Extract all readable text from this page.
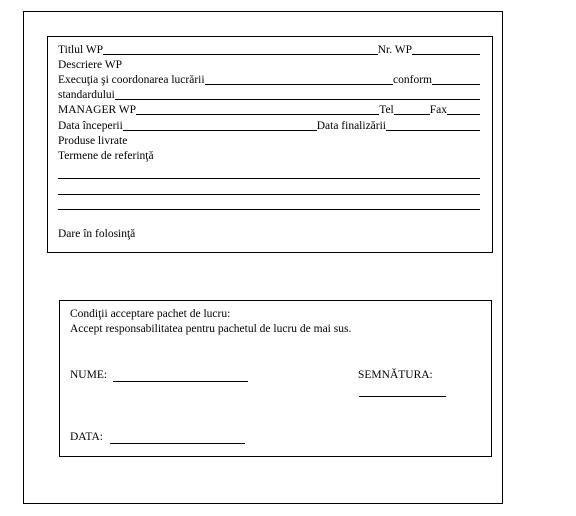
Titlul WP	Nr. WP
Descriere WP
Execuţia şi coordonarea lucrării	conform
standardului
MANAGER WP	Tel	Fax
Data începerii	Data finalizării
Produse livrate
Termene de referinţă
Dare în folosinţă
Condiţii acceptare pachet de lucru:
Accept responsabilitatea pentru pachetul de lucru de mai sus.
NUME:	SEMNĂTURA:
DATA:
